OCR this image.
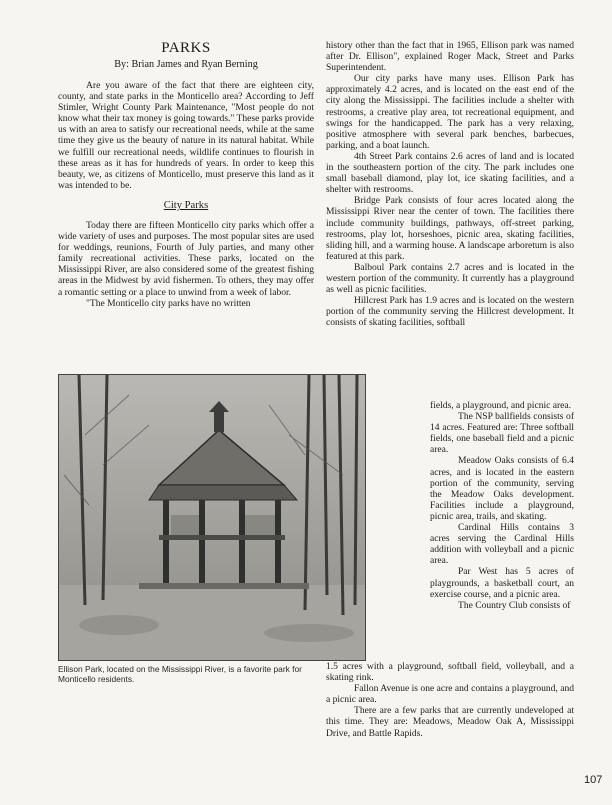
PARKS
By: Brian James and Ryan Berning

Are you aware of the fact that there are eighteen city, county, and state parks in the Monticello area? According to Jeff Stimler, Wright County Park Maintenance, "Most people do not know what their tax money is going towards." These parks provide us with an area to satisfy our recreational needs, while at the same time they give us the beauty of nature in its natural habitat. While we fulfill our recreational needs, wildlife continues to flourish in these areas as it has for hundreds of years. In order to keep this beauty, we, as citizens of Monticello, must preserve this land as it was intended to be.

City Parks

Today there are fifteen Monticello city parks which offer a wide variety of uses and purposes. The most popular sites are used for weddings, reunions, Fourth of July parties, and many other family recreational activities. These parks, located on the Mississippi River, are also considered some of the greatest fishing areas in the Midwest by avid fishermen. To others, they may offer a romantic setting or a place to unwind from a week of labor.

"The Monticello city parks have no written

history other than the fact that in 1965, Ellison park was named after Dr. Ellison", explained Roger Mack, Street and Parks Superintendent.

Our city parks have many uses. Ellison Park has approximately 4.2 acres, and is located on the east end of the city along the Mississippi. The facilities include a shelter with restrooms, a creative play area, tot recreational equipment, and swings for the handicapped. The park has a very relaxing, positive atmosphere with several park benches, barbecues, parking, and a boat launch.

4th Street Park contains 2.6 acres of land and is located in the southeastern portion of the city. The park includes one small baseball diamond, play lot, ice skating facilities, and a shelter with restrooms.

Bridge Park consists of four acres located along the Mississippi River near the center of town. The facilities there include community buildings, pathways, off-street parking, restrooms, play lot, horseshoes, picnic area, skating facilities, sliding hill, and a warming house. A landscape arboretum is also featured at this park.

Balboul Park contains 2.7 acres and is located in the western portion of the community. It currently has a playground as well as picnic facilities.

Hillcrest Park has 1.9 acres and is located on the western portion of the community serving the Hillcrest development. It consists of skating facilities, softball

fields, a playground, and picnic area.

The NSP ballfields consists of 14 acres. Featured are: Three softball fields, one baseball field and a picnic area.

Meadow Oaks consists of 6.4 acres, and is located in the eastern portion of the community, serving the Meadow Oaks development. Facilities include a playground, picnic area, trails, and skating.

Cardinal Hills contains 3 acres serving the Cardinal Hills addition with volleyball and a picnic area.

Par West has 5 acres of playgrounds, a basketball court, an exercise course, and a picnic area.

The Country Club consists of

1.5 acres with a playground, softball field, volleyball, and a skating rink.

Fallon Avenue is one acre and contains a playground, and a picnic area.

There are a few parks that are currently undeveloped at this time. They are: Meadows, Meadow Oak A, Mississippi Drive, and Battle Rapids.

Ellison Park, located on the Mississippi River, is a favorite park for Monticello residents.
107
